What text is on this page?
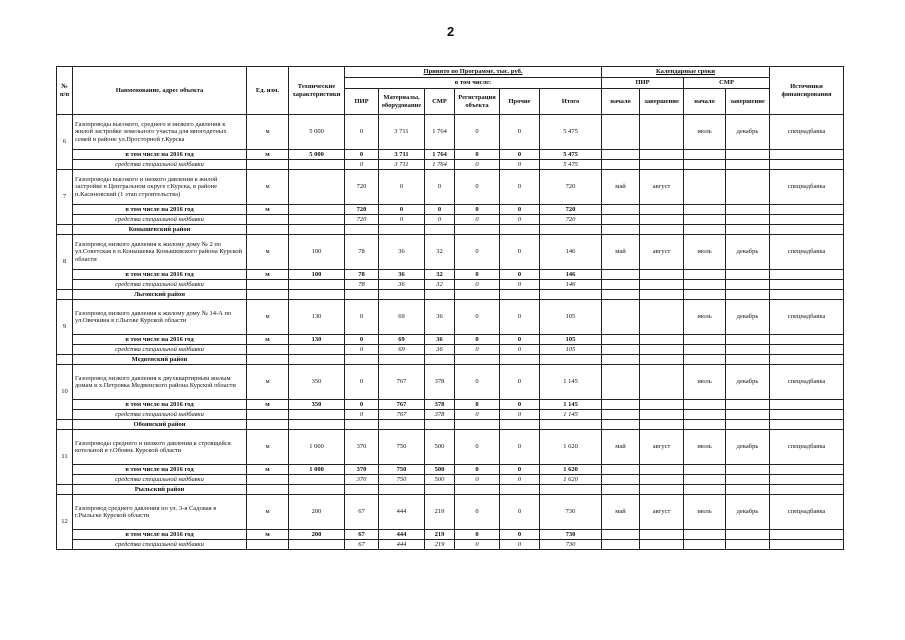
2
№ п/п	Наименование, адрес объекта	Ед. изм.	Технические характеристики	Принято по Программе, тыс. руб.						Календарные сроки				Источники финансирования
				в том числе:						ПИР		СМР		
				ПИР	Материалы, оборудование	СМР	Регистрация объекта	Прочие	Итого	начало	завершение	начало	завершение	
6	Газопроводы высокого, среднего и низкого давления к жилой застройке земельного участка для многодетных семей в районе ул.Просторной г.Курска	м	5 000	0	3 711	1 764	0	0	5 475			июль	декабрь	спецнадбавка
	в том числе на 2016 год	м	5 000	0	3 711	1 764	0	0	5 475					
	средства специальной надбавки			0	3 711	1 764	0	0	5 475					
7	Газопроводы высокого и низкого давления к жилой застройке в Центральном округе г.Курска, в районе п.Касиновский (1 этап строительства)	м		720	0	0	0	0	720	май	август			спецнадбавка
	в том числе на 2016 год	м		720	0	0	0	0	720					
	средства специальной надбавки			720	0	0	0	0	720					
	Конышевский район													
8	Газопровод низкого давления к жилому дому № 2 по ул.Советская в п.Конышевка Конышевского района Курской области	м	100	78	36	32	0	0	146	май	август	июль	декабрь	спецнадбавка
	в том числе на 2016 год	м	100	78	36	32	0	0	146					
	средства специальной надбавки			78	36	32	0	0	146					
	Льговский район													
9	Газопровод низкого давления к жилому дому № 14-А по ул.Овечкина в г.Льгове Курской области	м	130	0	69	36	0	0	105			июль	декабрь	спецнадбавка
	в том числе на 2016 год	м	130	0	69	36	0	0	105					
	средства специальной надбавки			0	69	36	0	0	105					
	Медвенский район													
10	Газопровод низкого давления к двухквартирным жилым домам в х.Петровка Медвенского района Курской области	м	350	0	767	378	0	0	1 145			июль	декабрь	спецнадбавка
	в том числе на 2016 год	м	350	0	767	378	0	0	1 145					
	средства специальной надбавки			0	767	378	0	0	1 145					
	Обоянский район													
11	Газопроводы среднего и низкого давления к строящейся котельной в г.Обоянь Курской области	м	1 000	370	750	500	0	0	1 620	май	август	июль	декабрь	спецнадбавка
	в том числе на 2016 год	м	1 000	370	750	500	0	0	1 620					
	средства специальной надбавки			370	750	500	0	0	1 620					
	Рыльский район													
12	Газопровод среднего давления по ул. 3-я Садовая в г.Рыльске Курской области	м	200	67	444	219	0	0	730	май	август	июль	декабрь	спецнадбавка
	в том числе на 2016 год	м	200	67	444	219	0	0	730					
	средства специальной надбавки			67	444	219	0	0	730					
